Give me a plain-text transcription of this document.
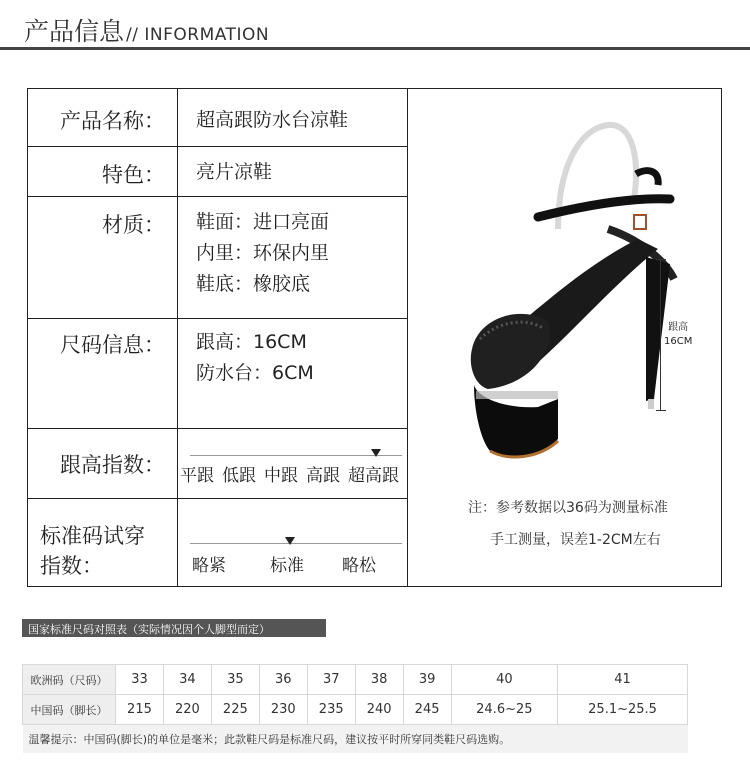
产品信息 // INFORMATION
产品名称：	超高跟防水台凉鞋
特色：	亮片凉鞋
材质：	鞋面：进口亮面
内里：环保内里
鞋底：橡胶底
尺码信息：	跟高：16CM
防水台：6CM
跟高指数： 平跟 低跟 中跟 高跟 超高跟
标准码试穿
指数：	略紧	标准 略松
跟高
16CM
注：参考数据以36码为测量标准
手工测量，误差1-2CM左右
国家标准尺码对照表（实际情况因个人脚型而定）
欧洲码（尺码）	33	34	35	36	37	38	39	40	41
中国码（脚长）	215	220	225	230	235	240	245	24.6~25	25.1~25.5
温馨提示：中国码(脚长)的单位是毫米；此款鞋尺码是标准尺码，建议按平时所穿同类鞋尺码选购。									
